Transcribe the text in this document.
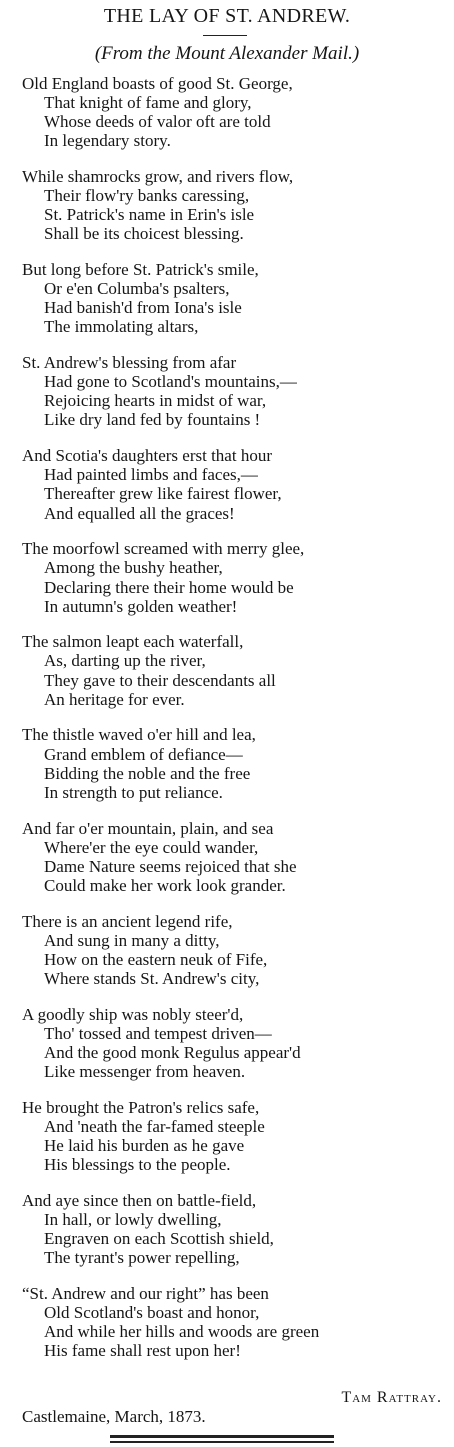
THE LAY OF ST. ANDREW.
(From the Mount Alexander Mail.)
Old England boasts of good St. George,
That knight of fame and glory,
Whose deeds of valor oft are told
In legendary story.
While shamrocks grow, and rivers flow,
Their flow'ry banks caressing,
St. Patrick's name in Erin's isle
Shall be its choicest blessing.
But long before St. Patrick's smile,
Or e'en Columba's psalters,
Had banish'd from Iona's isle
The immolating altars,
St. Andrew's blessing from afar
Had gone to Scotland's mountains,—
Rejoicing hearts in midst of war,
Like dry land fed by fountains !
And Scotia's daughters erst that hour
Had painted limbs and faces,—
Thereafter grew like fairest flower,
And equalled all the graces!
The moorfowl screamed with merry glee,
Among the bushy heather,
Declaring there their home would be
In autumn's golden weather!
The salmon leapt each waterfall,
As, darting up the river,
They gave to their descendants all
An heritage for ever.
The thistle waved o'er hill and lea,
Grand emblem of defiance—
Bidding the noble and the free
In strength to put reliance.
And far o'er mountain, plain, and sea
Where'er the eye could wander,
Dame Nature seems rejoiced that she
Could make her work look grander.
There is an ancient legend rife,
And sung in many a ditty,
How on the eastern neuk of Fife,
Where stands St. Andrew's city,
A goodly ship was nobly steer'd,
Tho' tossed and tempest driven—
And the good monk Regulus appear'd
Like messenger from heaven.
He brought the Patron's relics safe,
And 'neath the far-famed steeple
He laid his burden as he gave
His blessings to the people.
And aye since then on battle-field,
In hall, or lowly dwelling,
Engraven on each Scottish shield,
The tyrant's power repelling,
“St. Andrew and our right” has been
Old Scotland's boast and honor,
And while her hills and woods are green
His fame shall rest upon her!
Tam Rattray.
Castlemaine, March, 1873.
